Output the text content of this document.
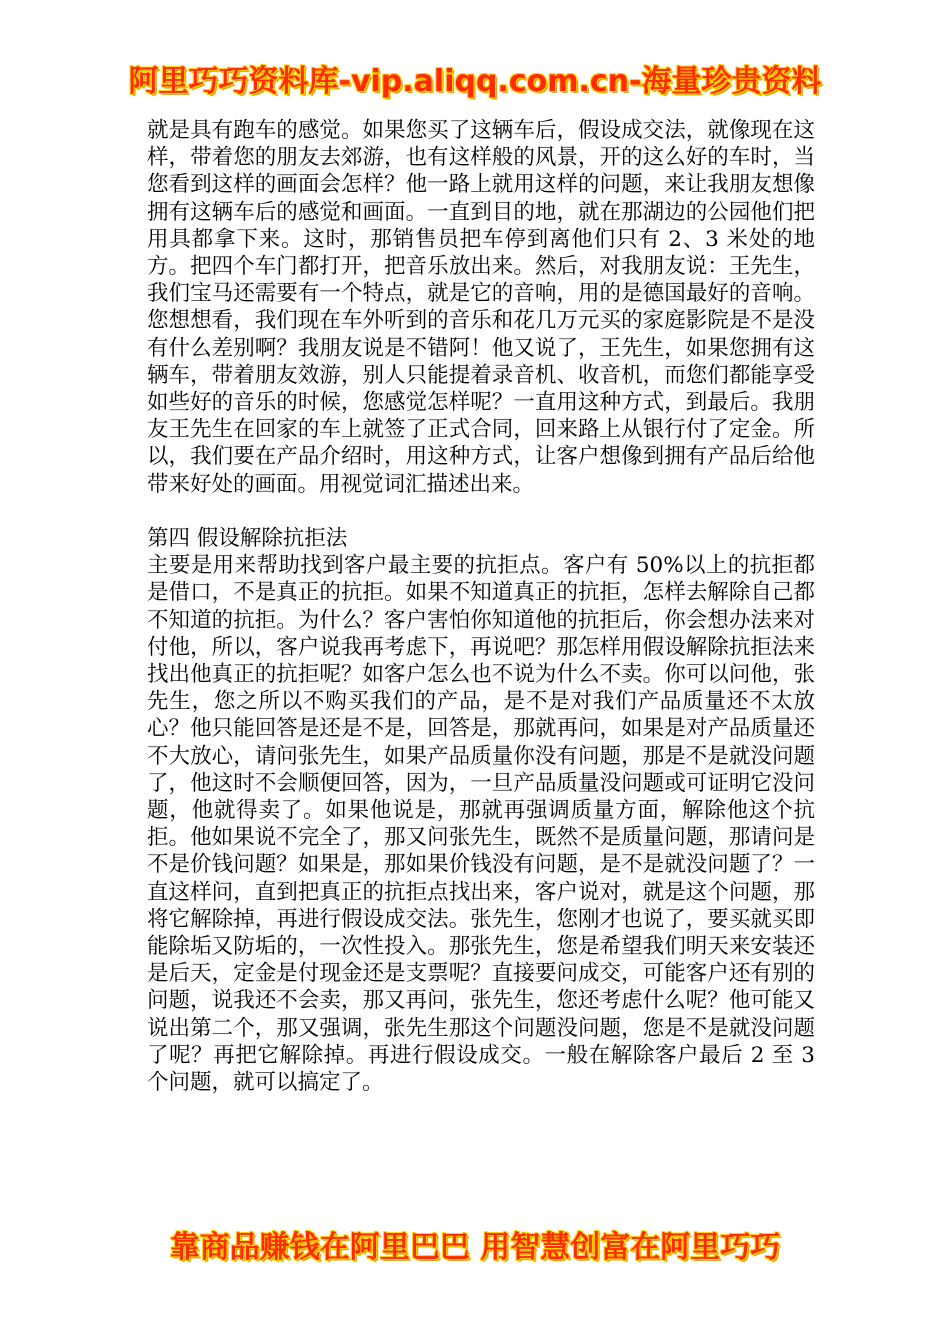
阿里巧巧资料库-vip.aliqq.com.cn-海量珍贵资料

就是具有跑车的感觉。如果您买了这辆车后，假设成交法，就像现在这样，带着您的朋友去郊游，也有这样般的风景，开的这么好的车时，当您看到这样的画面会怎样？他一路上就用这样的问题，来让我朋友想像拥有这辆车后的感觉和画面。一直到目的地，就在那湖边的公园他们把用具都拿下来。这时，那销售员把车停到离他们只有 2、3 米处的地方。把四个车门都打开，把音乐放出来。然后，对我朋友说：王先生，我们宝马还需要有一个特点，就是它的音响，用的是德国最好的音响。您想想看，我们现在车外听到的音乐和花几万元买的家庭影院是不是没有什么差别啊？我朋友说是不错阿！他又说了，王先生，如果您拥有这辆车，带着朋友效游，别人只能提着录音机、收音机，而您们都能享受如些好的音乐的时候，您感觉怎样呢？一直用这种方式，到最后。我朋友王先生在回家的车上就签了正式合同，回来路上从银行付了定金。所以，我们要在产品介绍时，用这种方式，让客户想像到拥有产品后给他带来好处的画面。用视觉词汇描述出来。

第四 假设解除抗拒法

主要是用来帮助找到客户最主要的抗拒点。客户有 50%以上的抗拒都是借口，不是真正的抗拒。如果不知道真正的抗拒，怎样去解除自己都不知道的抗拒。为什么？客户害怕你知道他的抗拒后，你会想办法来对付他，所以，客户说我再考虑下，再说吧？那怎样用假设解除抗拒法来找出他真正的抗拒呢？如客户怎么也不说为什么不卖。你可以问他，张先生，您之所以不购买我们的产品，是不是对我们产品质量还不太放心？他只能回答是还是不是，回答是，那就再问，如果是对产品质量还不大放心，请问张先生，如果产品质量你没有问题，那是不是就没问题了，他这时不会顺便回答，因为，一旦产品质量没问题或可证明它没问题，他就得卖了。如果他说是，那就再强调质量方面，解除他这个抗拒。他如果说不完全了，那又问张先生，既然不是质量问题，那请问是不是价钱问题？如果是，那如果价钱没有问题，是不是就没问题了？一直这样问，直到把真正的抗拒点找出来，客户说对，就是这个问题，那将它解除掉，再进行假设成交法。张先生，您刚才也说了，要买就买即能除垢又防垢的，一次性投入。那张先生，您是希望我们明天来安装还是后天，定金是付现金还是支票呢？直接要问成交，可能客户还有别的问题，说我还不会卖，那又再问，张先生，您还考虑什么呢？他可能又说出第二个，那又强调，张先生那这个问题没问题，您是不是就没问题了呢？再把它解除掉。再进行假设成交。一般在解除客户最后 2 至 3 个问题，就可以搞定了。

靠商品赚钱在阿里巴巴 用智慧创富在阿里巧巧
